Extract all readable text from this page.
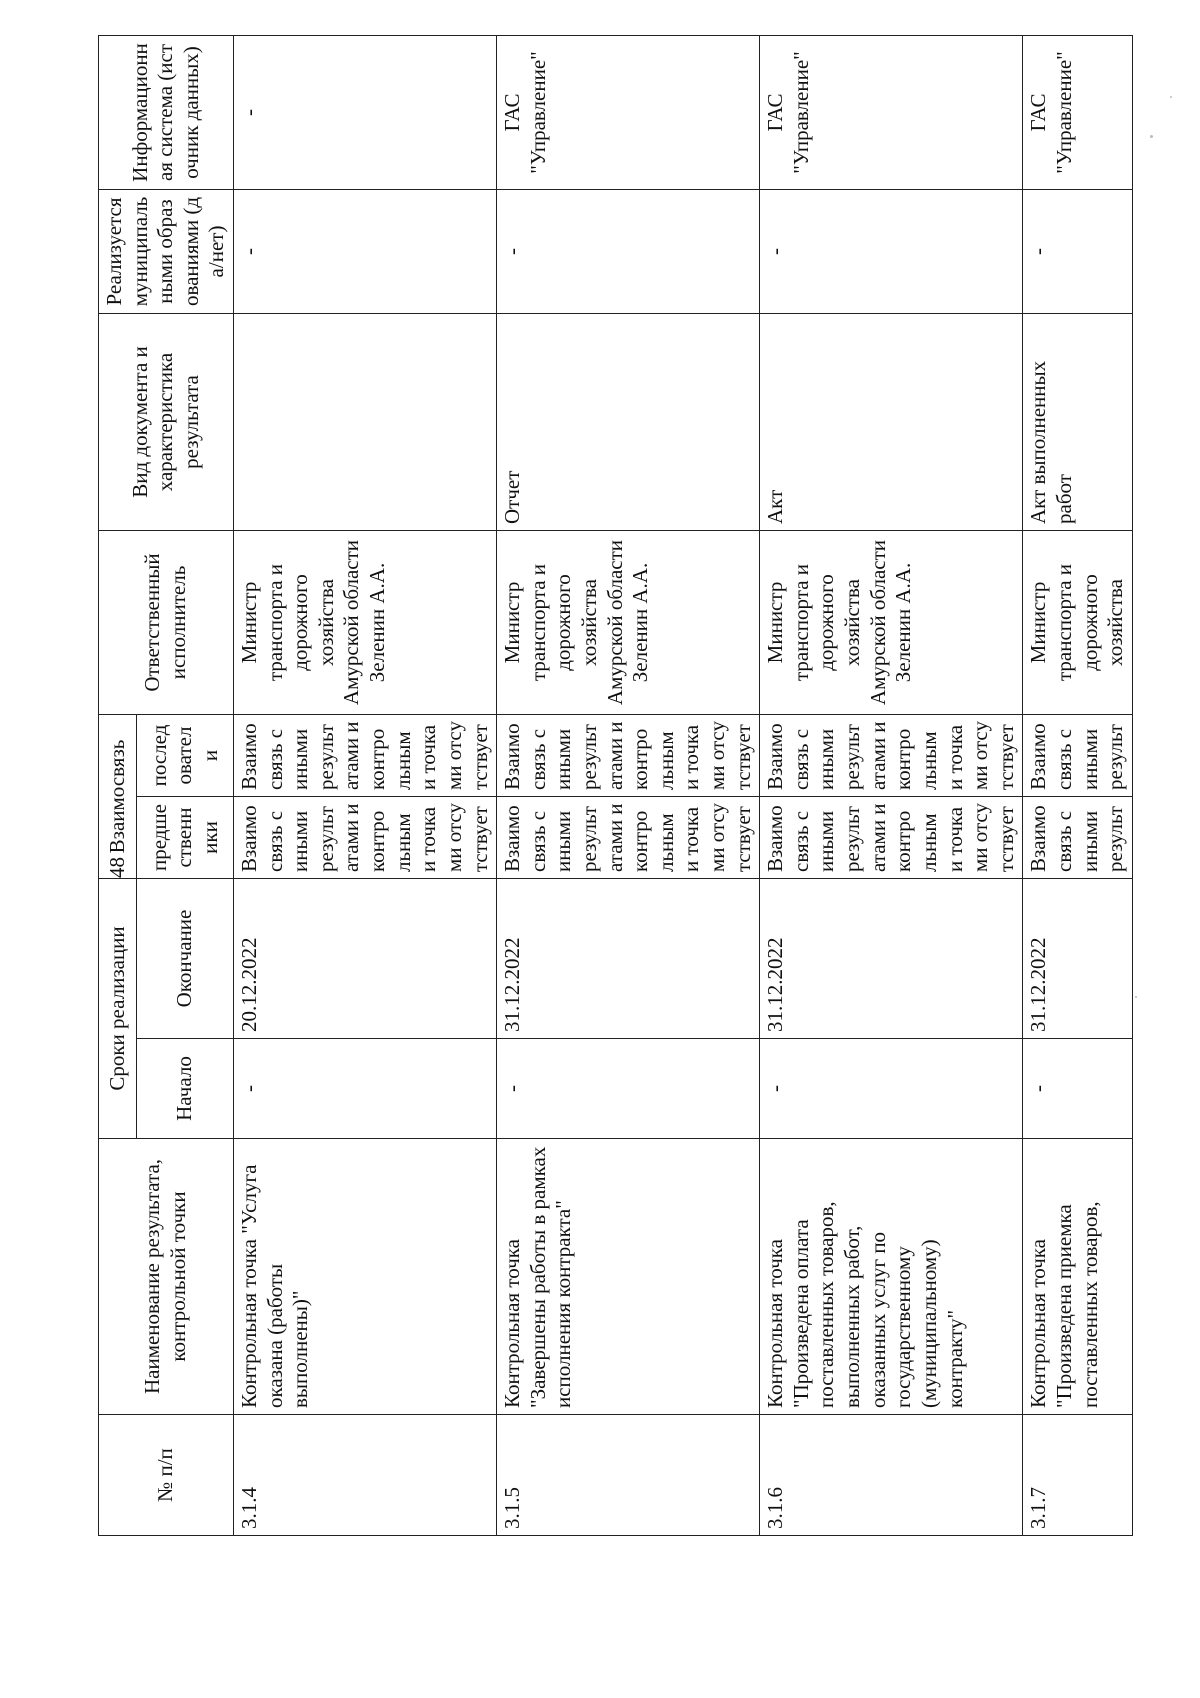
48
№ п/п	Наименование результата, контрольной точки	Сроки реализации		Взаимосвязь		Ответственный исполнитель	Вид документа и характеристика результата	Реализуется муниципальными образованиями (да/нет)	Информационная система (источник данных)
		Начало	Окончание	предшественники	последователи				
3.1.4	Контрольная точка "Услуга оказана (работы выполнены)"	-	20.12.2022	Взаимосвязь с иными результатами и контрольными точками отсутствует	Взаимосвязь с иными результатами и контрольными точками отсутствует	Министр транспорта и дорожного хозяйства Амурской области Зеленин А.А.		-	-
3.1.5	Контрольная точка "Завершены работы в рамках исполнения контракта"	-	31.12.2022	Взаимосвязь с иными результатами и контрольными точками отсутствует	Взаимосвязь с иными результатами и контрольными точками отсутствует	Министр транспорта и дорожного хозяйства Амурской области Зеленин А.А.	Отчет	-	ГАС "Управление"
3.1.6	Контрольная точка "Произведена оплата поставленных товаров, выполненных работ, оказанных услуг по государственному (муниципальному) контракту"	-	31.12.2022	Взаимосвязь с иными результатами и контрольными точками отсутствует	Взаимосвязь с иными результатами и контрольными точками отсутствует	Министр транспорта и дорожного хозяйства Амурской области Зеленин А.А.	Акт	-	ГАС "Управление"
3.1.7	Контрольная точка "Произведена приемка поставленных товаров,	-	31.12.2022	Взаимосвязь с иными результ	Взаимосвязь с иными результ	Министр транспорта и дорожного хозяйства	Акт выполненных работ	-	ГАС "Управление"
